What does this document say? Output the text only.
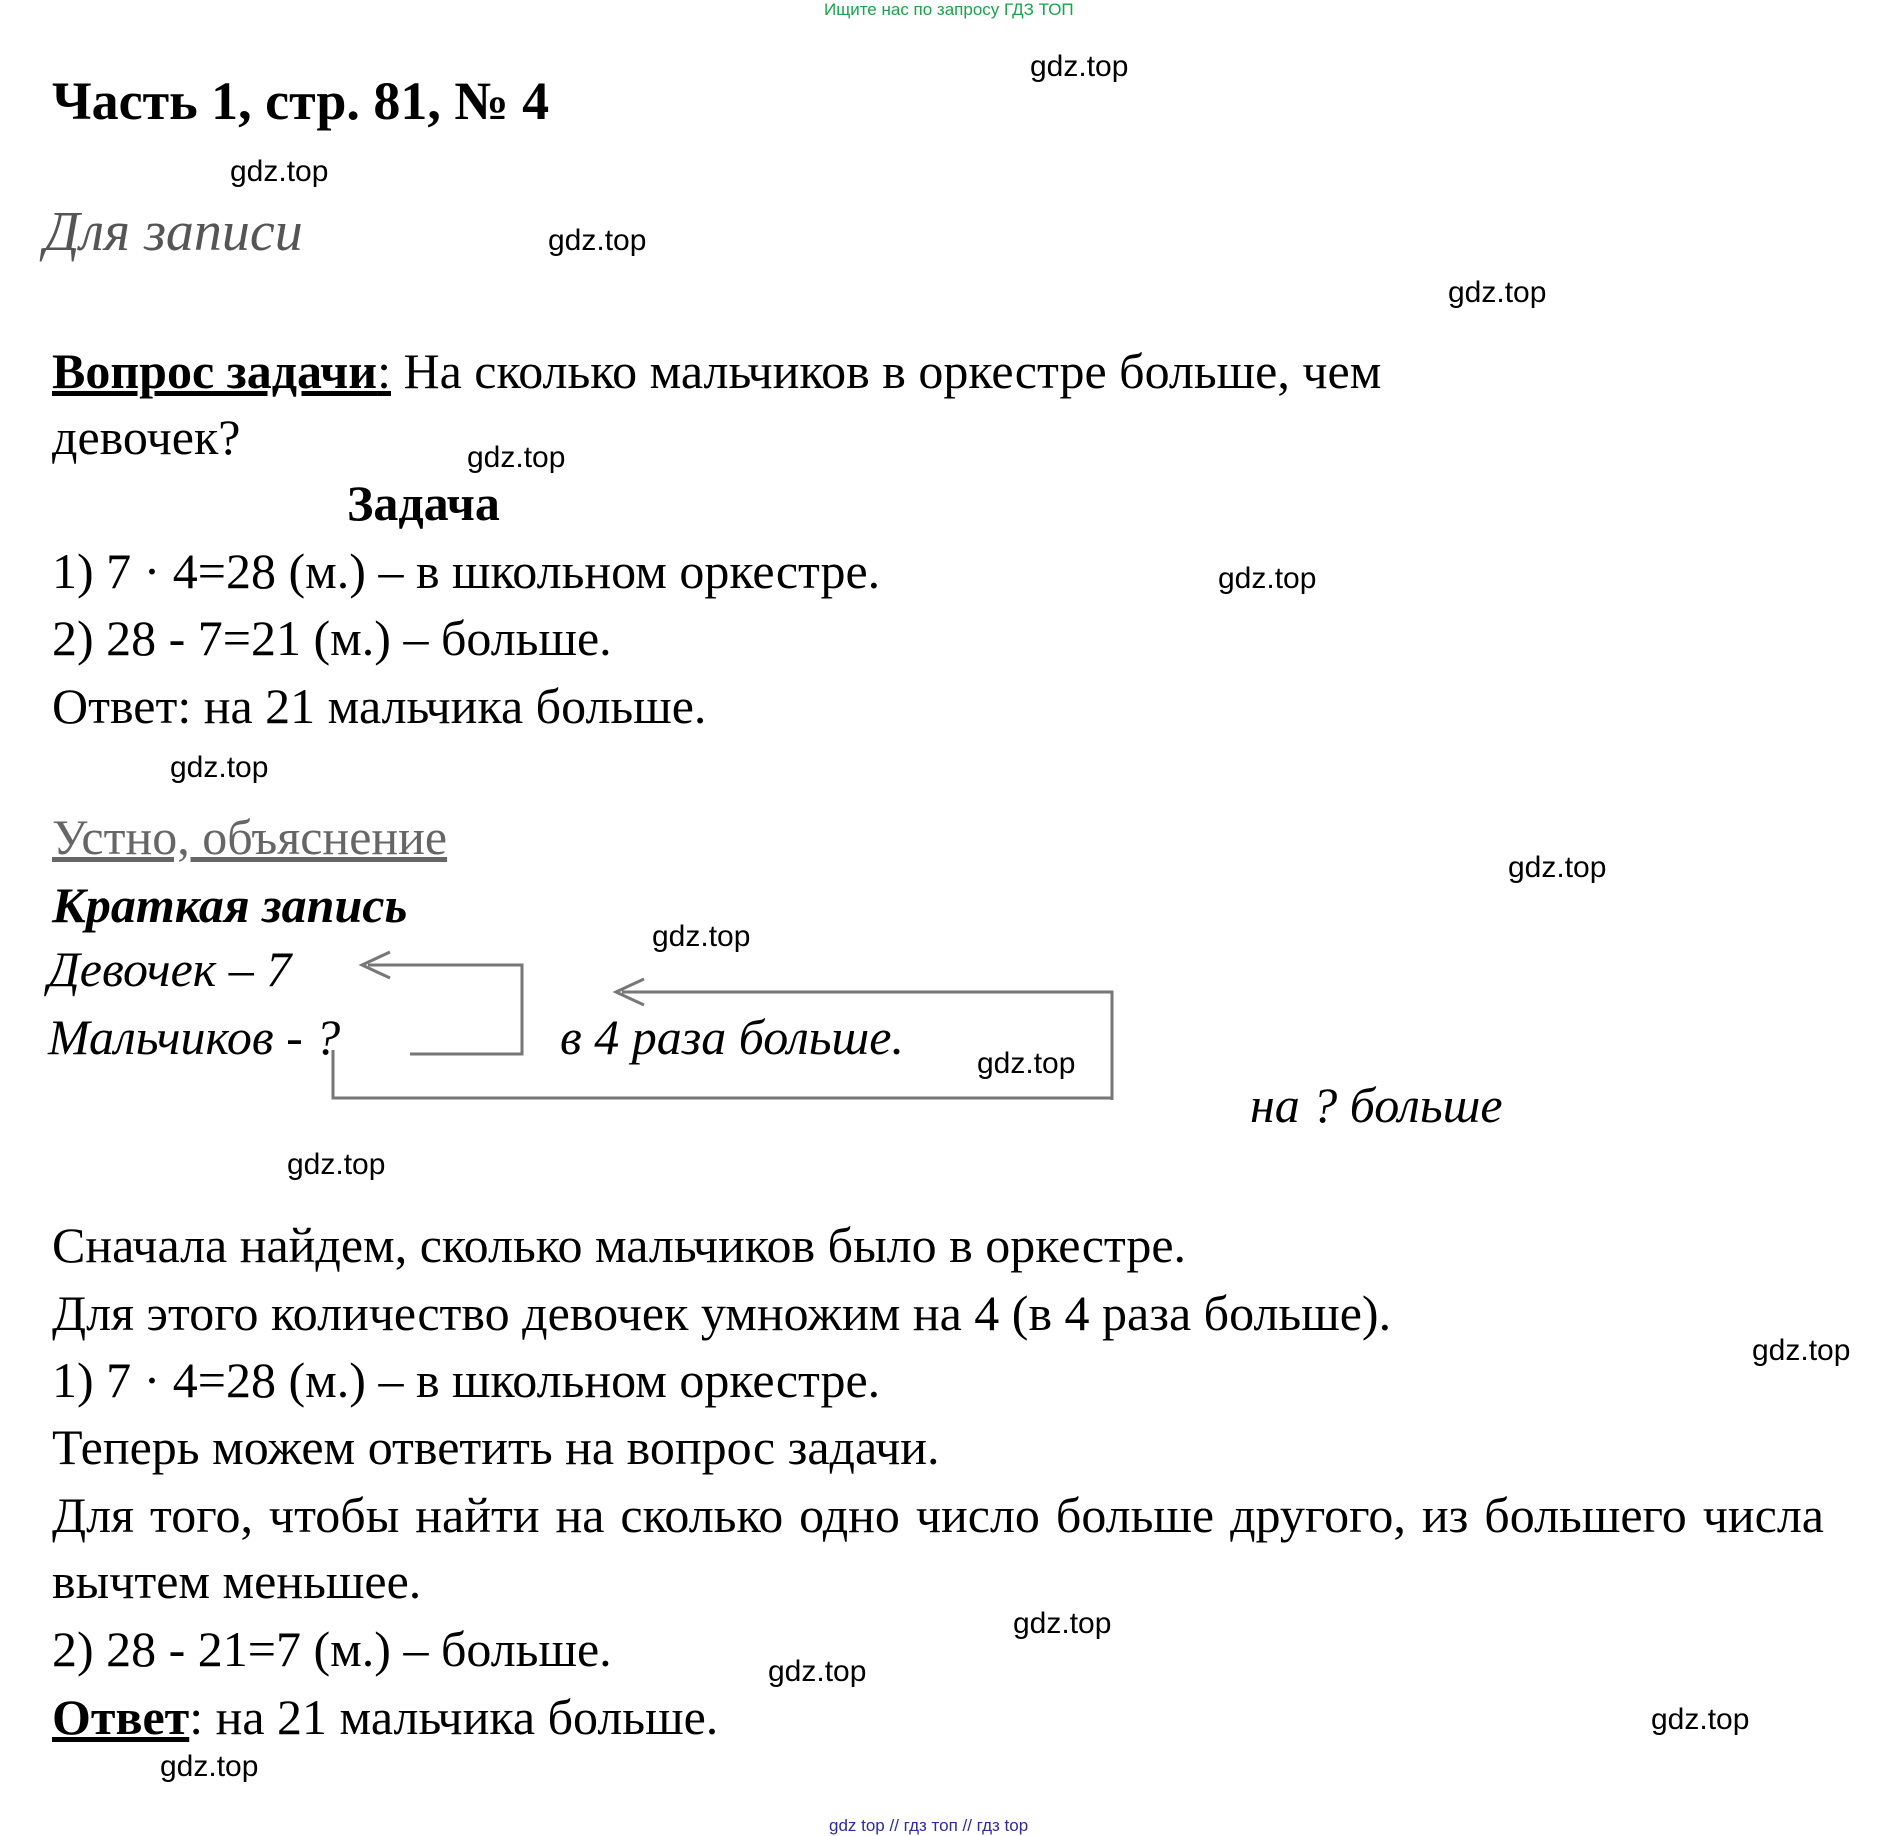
Ищите нас по запросу ГДЗ ТОП
Часть 1, стр. 81, № 4
Для записи
Вопрос задачи: На сколько мальчиков в оркестре больше, чем
девочек?
Задача
1) 7 · 4=28 (м.) – в школьном оркестре.
2) 28 - 7=21 (м.) – больше.
Ответ: на 21 мальчика больше.
Устно, объяснение
Краткая запись
Девочек – 7
Мальчиков - ?	в 4 раза больше.
на ? больше
Сначала найдем, сколько мальчиков было в оркестре.
Для этого количество девочек умножим на 4 (в 4 раза больше).
1) 7 · 4=28 (м.) – в школьном оркестре.
Теперь можем ответить на вопрос задачи.
Для того, чтобы найти на сколько одно число больше другого, из большего числа вычтем меньшее.
2) 28 - 21=7 (м.) – больше.
Ответ: на 21 мальчика больше.
gdz.top
gdz.top
gdz.top
gdz.top
gdz.top
gdz.top
gdz.top
gdz.top
gdz.top
gdz.top
gdz.top
gdz.top
gdz.top
gdz.top
gdz.top
gdz.top
gdz top // гдз топ // гдз top
